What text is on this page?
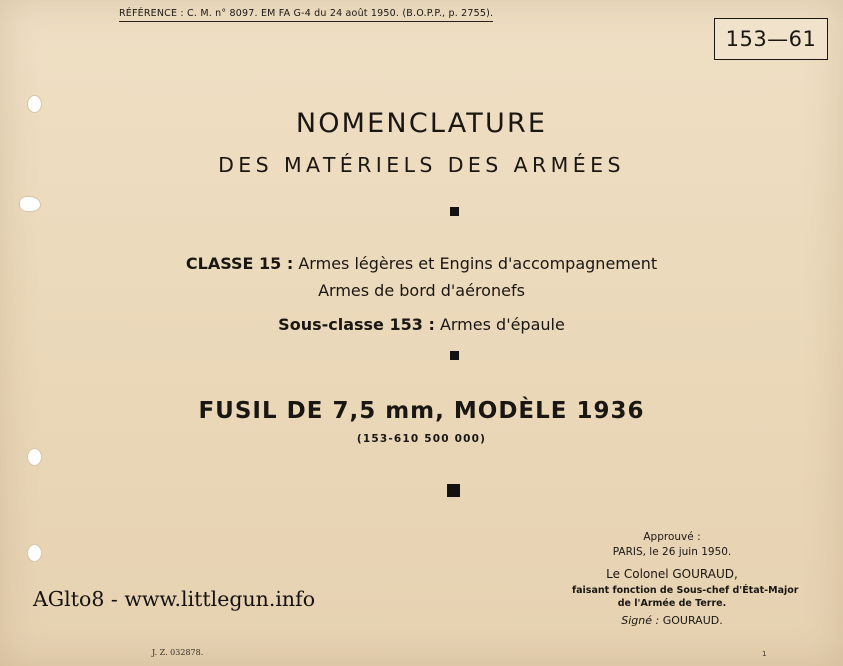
RÉFÉRENCE : C. M. n° 8097. EM FA G-4 du 24 août 1950. (B.O.P.P., p. 2755).
153—61
NOMENCLATURE
DES MATÉRIELS DES ARMÉES
CLASSE 15 : Armes légères et Engins d'accompagnement
Armes de bord d'aéronefs
Sous-classe 153 : Armes d'épaule
FUSIL DE 7,5 mm, MODÈLE 1936
(153-610 500 000)
Approuvé :
PARIS, le 26 juin 1950.
Le Colonel GOURAUD,
faisant fonction de Sous-chef d'État-Major
de l'Armée de Terre.
Signé : GOURAUD.
AGlto8 - www.littlegun.info
J. Z. 032878.	1
